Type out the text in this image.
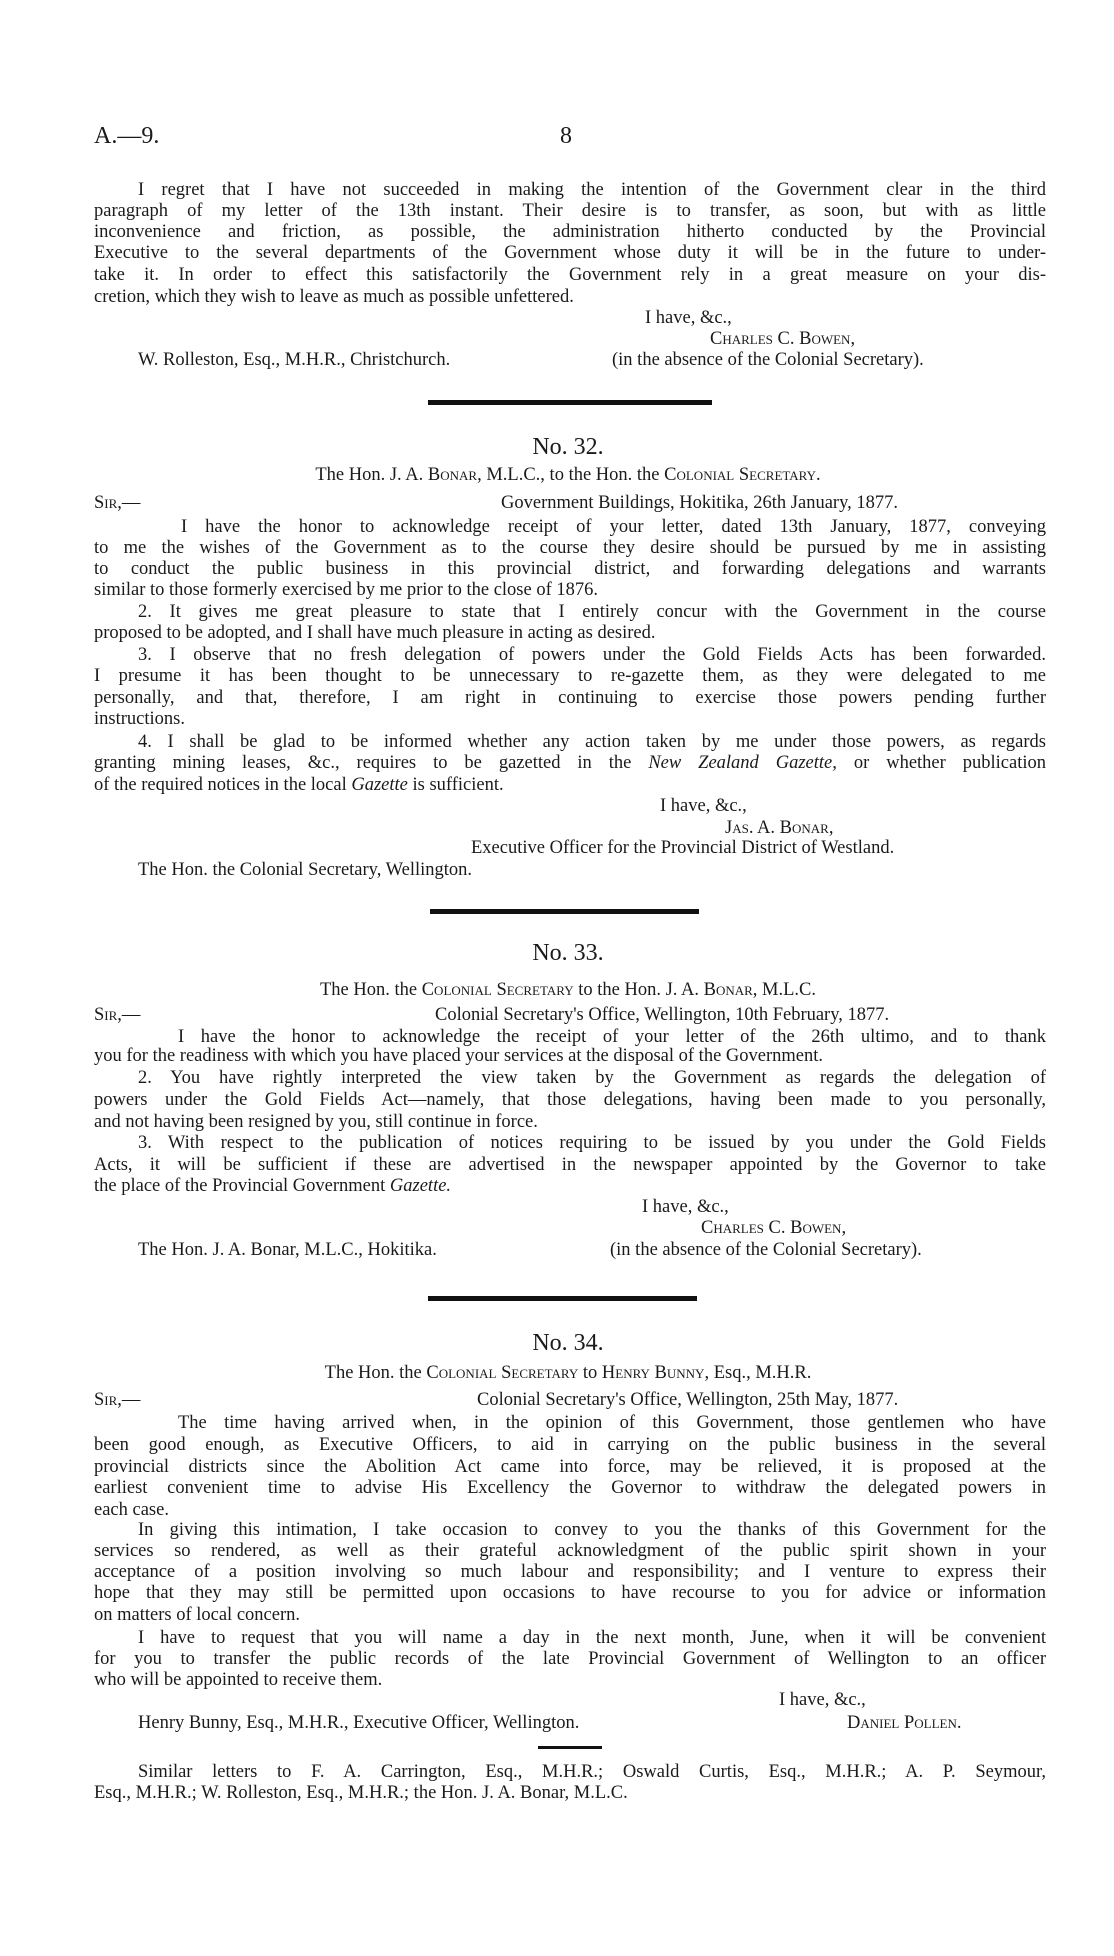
A.—9.	8
I regret that I have not succeeded in making the intention of the Government clear in the third
paragraph of my letter of the 13th instant. Their desire is to transfer, as soon, but with as little
inconvenience and friction, as possible, the administration hitherto conducted by the Provincial
Executive to the several departments of the Government whose duty it will be in the future to under-
take it. In order to effect this satisfactorily the Government rely in a great measure on your dis-
cretion, which they wish to leave as much as possible unfettered.
I have, &c.,
Charles C. Bowen,
W. Rolleston, Esq., M.H.R., Christchurch.	(in the absence of the Colonial Secretary).
No. 32.
The Hon. J. A. Bonar, M.L.C., to the Hon. the Colonial Secretary.
Sir,—	Government Buildings, Hokitika, 26th January, 1877.
I have the honor to acknowledge receipt of your letter, dated 13th January, 1877, conveying
to me the wishes of the Government as to the course they desire should be pursued by me in assisting
to conduct the public business in this provincial district, and forwarding delegations and warrants
similar to those formerly exercised by me prior to the close of 1876.
2. It gives me great pleasure to state that I entirely concur with the Government in the course
proposed to be adopted, and I shall have much pleasure in acting as desired.
3. I observe that no fresh delegation of powers under the Gold Fields Acts has been forwarded.
I presume it has been thought to be unnecessary to re-gazette them, as they were delegated to me
personally, and that, therefore, I am right in continuing to exercise those powers pending further
instructions.
4. I shall be glad to be informed whether any action taken by me under those powers, as regards
granting mining leases, &c., requires to be gazetted in the New Zealand Gazette, or whether publication
of the required notices in the local Gazette is sufficient.
I have, &c.,
Jas. A. Bonar,
Executive Officer for the Provincial District of Westland.
The Hon. the Colonial Secretary, Wellington.
No. 33.
The Hon. the Colonial Secretary to the Hon. J. A. Bonar, M.L.C.
Sir,—	Colonial Secretary's Office, Wellington, 10th February, 1877.
I have the honor to acknowledge the receipt of your letter of the 26th ultimo, and to thank
you for the readiness with which you have placed your services at the disposal of the Government.
2. You have rightly interpreted the view taken by the Government as regards the delegation of
powers under the Gold Fields Act—namely, that those delegations, having been made to you personally,
and not having been resigned by you, still continue in force.
3. With respect to the publication of notices requiring to be issued by you under the Gold Fields
Acts, it will be sufficient if these are advertised in the newspaper appointed by the Governor to take
the place of the Provincial Government Gazette.
I have, &c.,
Charles C. Bowen,
The Hon. J. A. Bonar, M.L.C., Hokitika.	(in the absence of the Colonial Secretary).
No. 34.
The Hon. the Colonial Secretary to Henry Bunny, Esq., M.H.R.
Sir,—	Colonial Secretary's Office, Wellington, 25th May, 1877.
The time having arrived when, in the opinion of this Government, those gentlemen who have
been good enough, as Executive Officers, to aid in carrying on the public business in the several
provincial districts since the Abolition Act came into force, may be relieved, it is proposed at the
earliest convenient time to advise His Excellency the Governor to withdraw the delegated powers in
each case.
In giving this intimation, I take occasion to convey to you the thanks of this Government for the
services so rendered, as well as their grateful acknowledgment of the public spirit shown in your
acceptance of a position involving so much labour and responsibility; and I venture to express their
hope that they may still be permitted upon occasions to have recourse to you for advice or information
on matters of local concern.
I have to request that you will name a day in the next month, June, when it will be convenient
for you to transfer the public records of the late Provincial Government of Wellington to an officer
who will be appointed to receive them.
I have, &c.,
Henry Bunny, Esq., M.H.R., Executive Officer, Wellington.	Daniel Pollen.
Similar letters to F. A. Carrington, Esq., M.H.R.; Oswald Curtis, Esq., M.H.R.; A. P. Seymour,
Esq., M.H.R.; W. Rolleston, Esq., M.H.R.; the Hon. J. A. Bonar, M.L.C.
